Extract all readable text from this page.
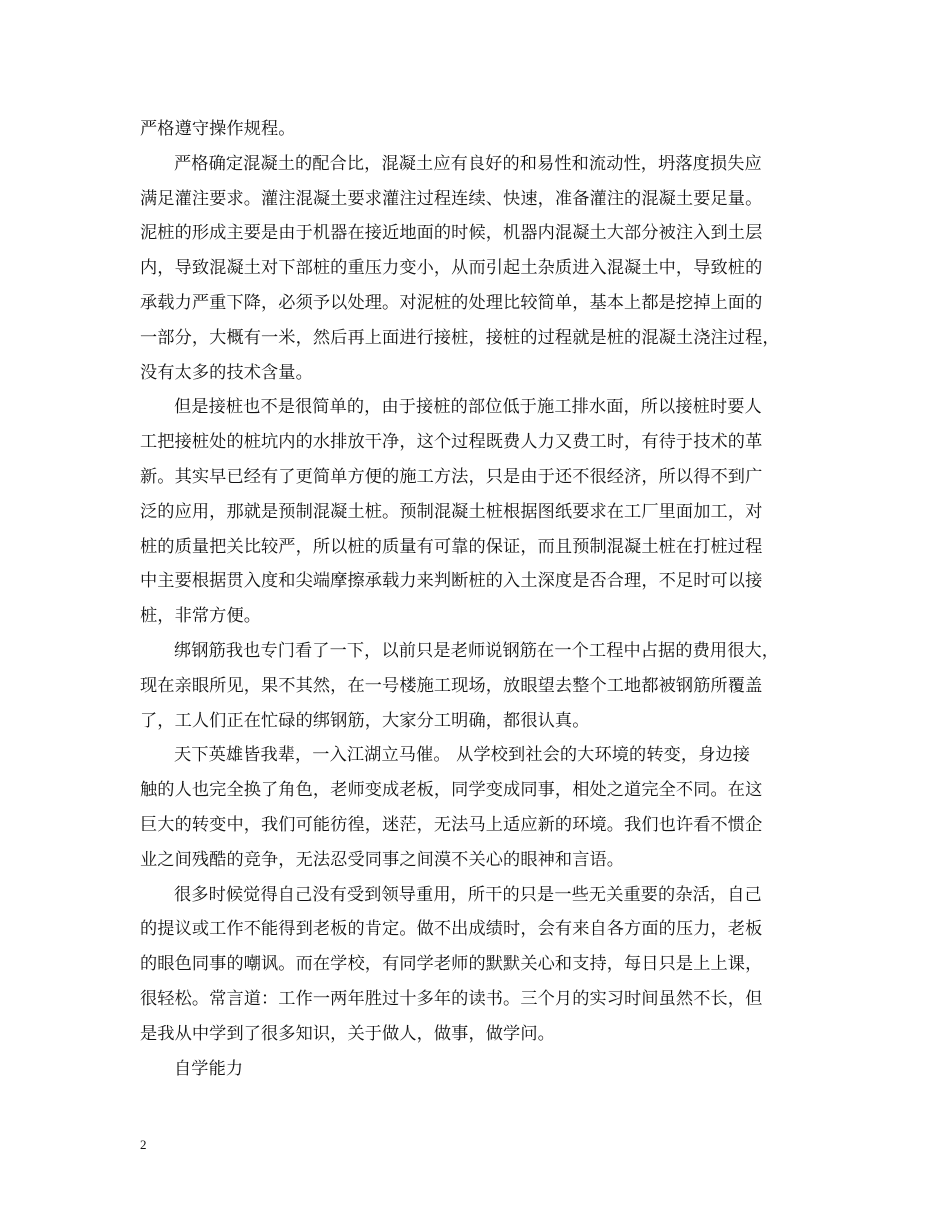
严格遵守操作规程。
严格确定混凝土的配合比，混凝土应有良好的和易性和流动性，坍落度损失应
满足灌注要求。灌注混凝土要求灌注过程连续、快速，准备灌注的混凝土要足量。
泥桩的形成主要是由于机器在接近地面的时候，机器内混凝土大部分被注入到土层
内，导致混凝土对下部桩的重压力变小，从而引起土杂质进入混凝土中，导致桩的
承载力严重下降，必须予以处理。对泥桩的处理比较简单，基本上都是挖掉上面的
一部分，大概有一米，然后再上面进行接桩，接桩的过程就是桩的混凝土浇注过程，
没有太多的技术含量。
但是接桩也不是很简单的，由于接桩的部位低于施工排水面，所以接桩时要人
工把接桩处的桩坑内的水排放干净，这个过程既费人力又费工时，有待于技术的革
新。其实早已经有了更简单方便的施工方法，只是由于还不很经济，所以得不到广
泛的应用，那就是预制混凝土桩。预制混凝土桩根据图纸要求在工厂里面加工，对
桩的质量把关比较严，所以桩的质量有可靠的保证，而且预制混凝土桩在打桩过程
中主要根据贯入度和尖端摩擦承载力来判断桩的入土深度是否合理，不足时可以接
桩，非常方便。
绑钢筋我也专门看了一下，以前只是老师说钢筋在一个工程中占据的费用很大，
现在亲眼所见，果不其然，在一号楼施工现场，放眼望去整个工地都被钢筋所覆盖
了，工人们正在忙碌的绑钢筋，大家分工明确，都很认真。
天下英雄皆我辈，一入江湖立马催。 从学校到社会的大环境的转变，身边接
触的人也完全换了角色，老师变成老板，同学变成同事，相处之道完全不同。在这
巨大的转变中，我们可能彷徨，迷茫，无法马上适应新的环境。我们也许看不惯企
业之间残酷的竞争，无法忍受同事之间漠不关心的眼神和言语。
很多时候觉得自己没有受到领导重用，所干的只是一些无关重要的杂活，自己
的提议或工作不能得到老板的肯定。做不出成绩时，会有来自各方面的压力，老板
的眼色同事的嘲讽。而在学校，有同学老师的默默关心和支持，每日只是上上课，
很轻松。常言道：工作一两年胜过十多年的读书。三个月的实习时间虽然不长，但
是我从中学到了很多知识，关于做人，做事，做学问。
自学能力
2
